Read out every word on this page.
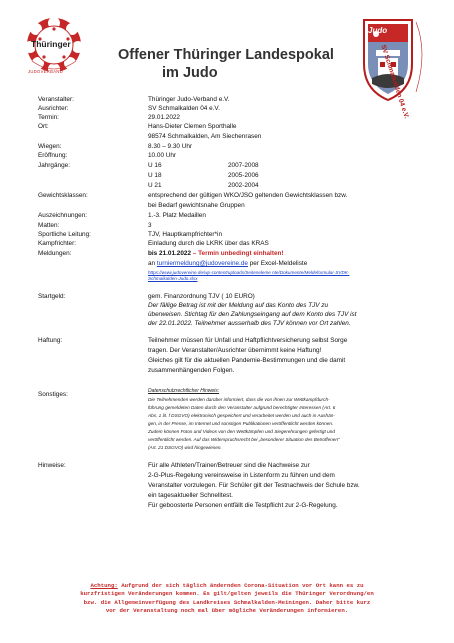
Thüringer
JUDOVERBAND
Offener Thüringer Landespokal
im Judo
Judo
SV Schmalkalden 04 e.V.
Veranstalter:	Thüringer Judo-Verband e.V.
Ausrichter:	SV Schmalkalden 04 e.V.
Termin:	29.01.2022
Ort:	Hans-Dieter Clemen Sporthalle
98574 Schmalkalden, Am Siechenrasen
Wiegen:	8.30 – 9.30 Uhr
Eröffnung:	10.00 Uhr
Jahrgänge:	U 16	2007-2008
U 18	2005-2006
U 21	2002-2004
Gewichtsklassen:	entsprechend der gültigen WKO/JSO geltenden Gewichtsklassen bzw.
bei Bedarf gewichtsnahe Gruppen
Auszeichnungen:	1.-3. Platz Medaillen
Matten:	3
Sportliche Leitung:	TJV, Hauptkampfrichter*in
Kampfrichter:	Einladung durch die LKRK über das KRAS
Meldungen:	bis 21.01.2022 – Termin unbedingt einhalten!
an turniermeldung@judovereine.de per Excel-Meldeliste
https://www.judovereine.de/wp-content/uploads/Seiteneleme nte/Dokumente/Meldeformular-SVDK-
Schmalkalden-Judo.xlsx
Startgeld:	gem. Finanzordnung TJV ( 10 EURO)
Der fällige Betrag ist mit der Meldung auf das Konto des TJV zu
überweisen. Stichtag für den Zahlungseingang auf dem Konto des TJV ist
der 22.01.2022. Teilnehmer ausserhalb des TJV können vor Ort zahlen.
Haftung:	Teilnehmer müssen für Unfall und Haftpflichtversicherung selbst Sorge
tragen. Der Veranstalter/Ausrichter übernimmt keine Haftung!
Gleiches gilt für die aktuellen Pandemie-Bestimmungen und die damit
zusammenhängenden Folgen.
Sonstiges:	Datenschutzrechtlicher Hinweis:
Die Teilnehmenden werden darüber informiert, dass die von ihnen zur Wettkampfdurch-
führung gemeldeten Daten durch den Veranstalter aufgrund berechtigter Interessen (Art. 6
Abs. 1 lit. f DSGVO) elektronisch gespeichert und verarbeitet werden und auch in Aushän-
gen, in der Presse, im Internet und sonstigen Publikationen veröffentlicht werden können.
Zudem können Fotos und Videos von den Wettkämpfen und Siegerehrungen gefertigt und
veröffentlicht werden. Auf das Widerspruchsrecht bei „besonderer Situation des Betroffenen“
(Art. 21 DSGVO) wird hingewiesen.
Hinweise:	Für alle Athleten/Trainer/Betreuer sind die Nachweise zur
2-G-Plus-Regelung vereinsweise in Listenform zu führen und dem
Veranstalter vorzulegen. Für Schüler gilt der Testnachweis der Schule bzw.
ein tagesaktueller Schnelltest.
Für geboosterte Personen entfällt die Testpflicht zur 2-G-Regelung.
Achtung: Aufgrund der sich täglich ändernden Corona-Situation vor Ort kann es zu
kurzfristigen Veränderungen kommen. Es gilt/gelten jeweils die Thüringer Verordnung/en
bzw. die Allgemeinverfügung des Landkreises Schmalkalden-Meiningen. Daher bitte kurz
vor der Veranstaltung noch mal über mögliche Veränderungen informieren.
